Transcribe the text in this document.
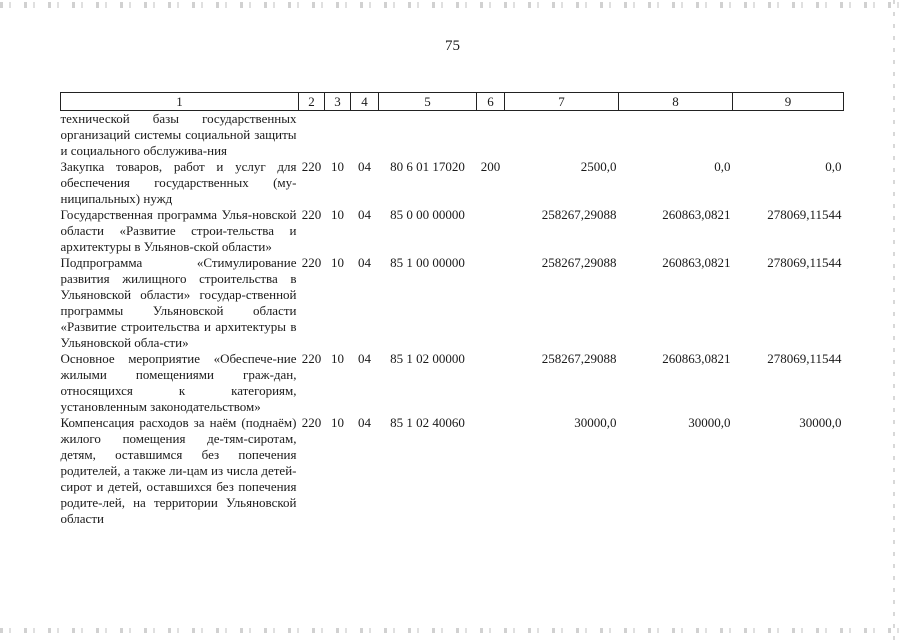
75
1	2	3	4	5	6	7	8	9
технической базы государственных организаций системы социальной защиты и социального обслужива-ния								
Закупка товаров, работ и услуг для обеспечения государственных (му-ниципальных) нужд	220	10	04	80 6 01 17020	200	2500,0	0,0	0,0
Государственная программа Улья-новской области «Развитие строи-тельства и архитектуры в Ульянов-ской области»	220	10	04	85 0 00 00000		258267,29088	260863,0821	278069,11544
Подпрограмма «Стимулирование развития жилищного строительства в Ульяновской области» государ-ственной программы Ульяновской области «Развитие строительства и архитектуры в Ульяновской обла-сти»	220	10	04	85 1 00 00000		258267,29088	260863,0821	278069,11544
Основное мероприятие «Обеспече-ние жилыми помещениями граж-дан, относящихся к категориям, установленным законодательством»	220	10	04	85 1 02 00000		258267,29088	260863,0821	278069,11544
Компенсация расходов за наём (поднаём) жилого помещения де-тям-сиротам, детям, оставшимся без попечения родителей, а также ли-цам из числа детей-сирот и детей, оставшихся без попечения родите-лей, на территории Ульяновской области	220	10	04	85 1 02 40060		30000,0	30000,0	30000,0
